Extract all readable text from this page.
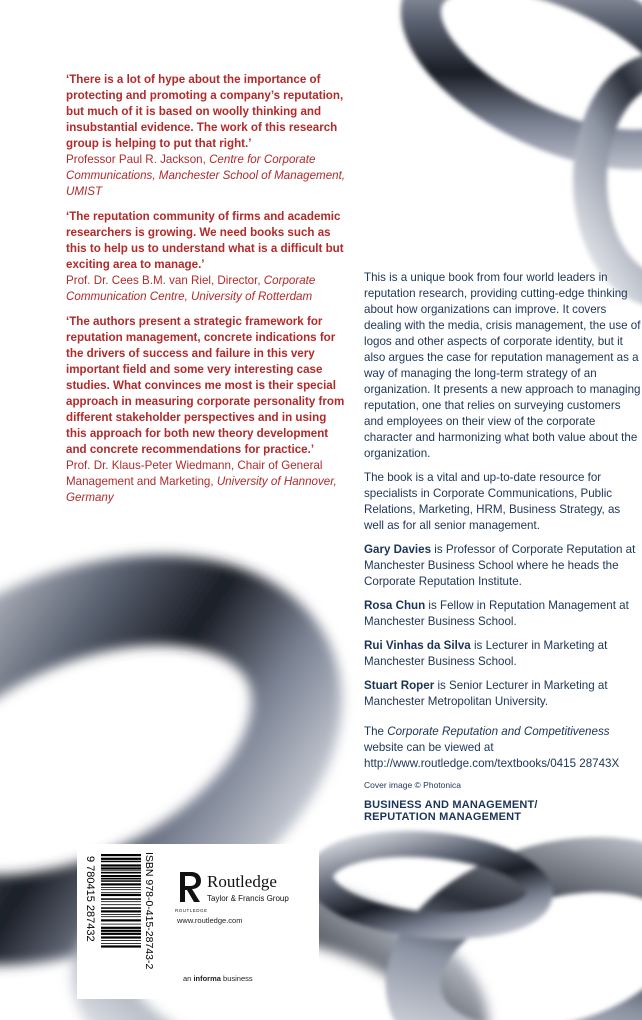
‘There is a lot of hype about the importance of protecting and promoting a company’s reputation, but much of it is based on woolly thinking and insubstantial evidence. The work of this research group is helping to put that right.’
Professor Paul R. Jackson, Centre for Corporate Communications, Manchester School of Management, UMIST
‘The reputation community of firms and academic researchers is growing. We need books such as this to help us to understand what is a difficult but exciting area to manage.’
Prof. Dr. Cees B.M. van Riel, Director, Corporate Communication Centre, University of Rotterdam
‘The authors present a strategic framework for reputation management, concrete indications for the drivers of success and failure in this very important field and some very interesting case studies. What convinces me most is their special approach in measuring corporate personality from different stakeholder perspectives and in using this approach for both new theory development and concrete recommendations for practice.’
Prof. Dr. Klaus-Peter Wiedmann, Chair of General Management and Marketing, University of Hannover, Germany

This is a unique book from four world leaders in reputation research, providing cutting-edge thinking about how organizations can improve. It covers dealing with the media, crisis management, the use of logos and other aspects of corporate identity, but it also argues the case for reputation management as a way of managing the long-term strategy of an organization. It presents a new approach to managing reputation, one that relies on surveying customers and employees on their view of the corporate character and harmonizing what both value about the organization.

The book is a vital and up-to-date resource for specialists in Corporate Communications, Public Relations, Marketing, HRM, Business Strategy, as well as for all senior management.

Gary Davies is Professor of Corporate Reputation at Manchester Business School where he heads the Corporate Reputation Institute.

Rosa Chun is Fellow in Reputation Management at Manchester Business School.

Rui Vinhas da Silva is Lecturer in Marketing at Manchester Business School.

Stuart Roper is Senior Lecturer in Marketing at Manchester Metropolitan University.

The Corporate Reputation and Competitiveness
website can be viewed at
http://www.routledge.com/textbooks/0415 28743X

Cover image © Photonica

BUSINESS AND MANAGEMENT/
REPUTATION MANAGEMENT

9 780415 287432	ISBN 978-0-415-28743-2	ROUTLEDGE
Routledge
Taylor & Francis Group
www.routledge.com
an informa business
